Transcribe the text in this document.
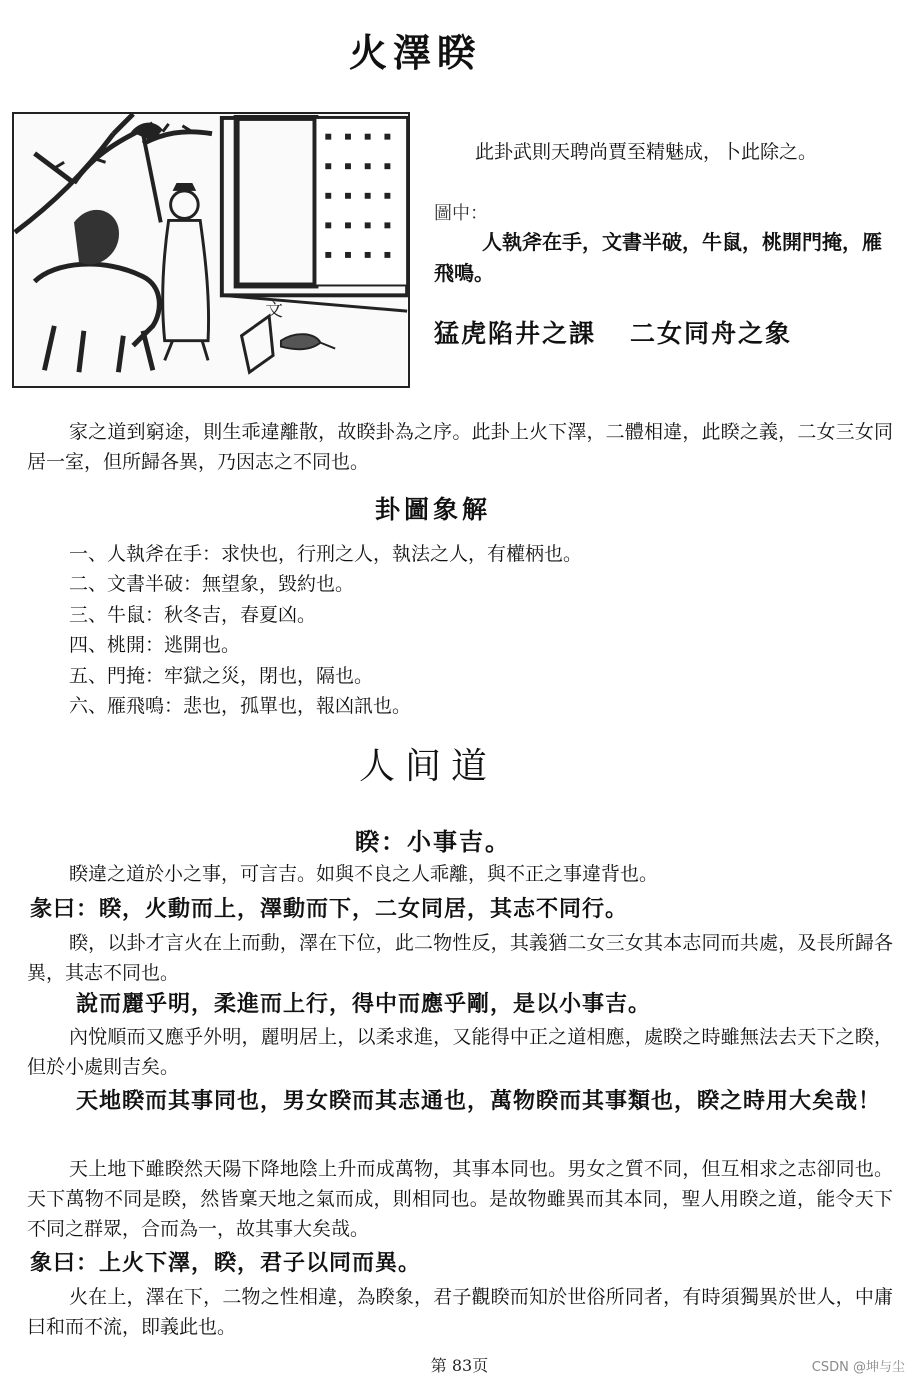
火澤睽
文
此卦武則天聘尚賈至精魅成，卜此除之。
圖中：
人執斧在手，文書半破，牛鼠，桃開門掩，雁飛鳴。
猛虎陷井之課 二女同舟之象
家之道到窮途，則生乖違離散，故睽卦為之序。此卦上火下澤，二體相違，此睽之義，二女三女同居一室，但所歸各異，乃因志之不同也。
卦圖象解
一、人執斧在手：求快也，行刑之人，執法之人，有權柄也。
二、文書半破：無望象，毀約也。
三、牛鼠：秋冬吉，春夏凶。
四、桃開：逃開也。
五、門掩：牢獄之災，閉也，隔也。
六、雁飛鳴：悲也，孤單也，報凶訊也。
人间道
睽：小事吉。
睽違之道於小之事，可言吉。如與不良之人乖離，與不正之事違背也。
彖曰：睽，火動而上，澤動而下，二女同居，其志不同行。
睽，以卦才言火在上而動，澤在下位，此二物性反，其義猶二女三女其本志同而共處，及長所歸各異，其志不同也。
說而麗乎明，柔進而上行，得中而應乎剛，是以小事吉。
內悅順而又應乎外明，麗明居上，以柔求進，又能得中正之道相應，處睽之時雖無法去天下之睽，但於小處則吉矣。
天地睽而其事同也，男女睽而其志通也，萬物睽而其事類也，睽之時用大矣哉！
天上地下雖睽然天陽下降地陰上升而成萬物，其事本同也。男女之質不同，但互相求之志卻同也。天下萬物不同是睽，然皆稟天地之氣而成，則相同也。是故物雖異而其本同，聖人用睽之道，能令天下不同之群眾，合而為一，故其事大矣哉。
象曰：上火下澤，睽，君子以同而異。
火在上，澤在下，二物之性相違，為睽象，君子觀睽而知於世俗所同者，有時須獨異於世人，中庸曰和而不流，即義此也。
第 83页	CSDN @坤与尘
